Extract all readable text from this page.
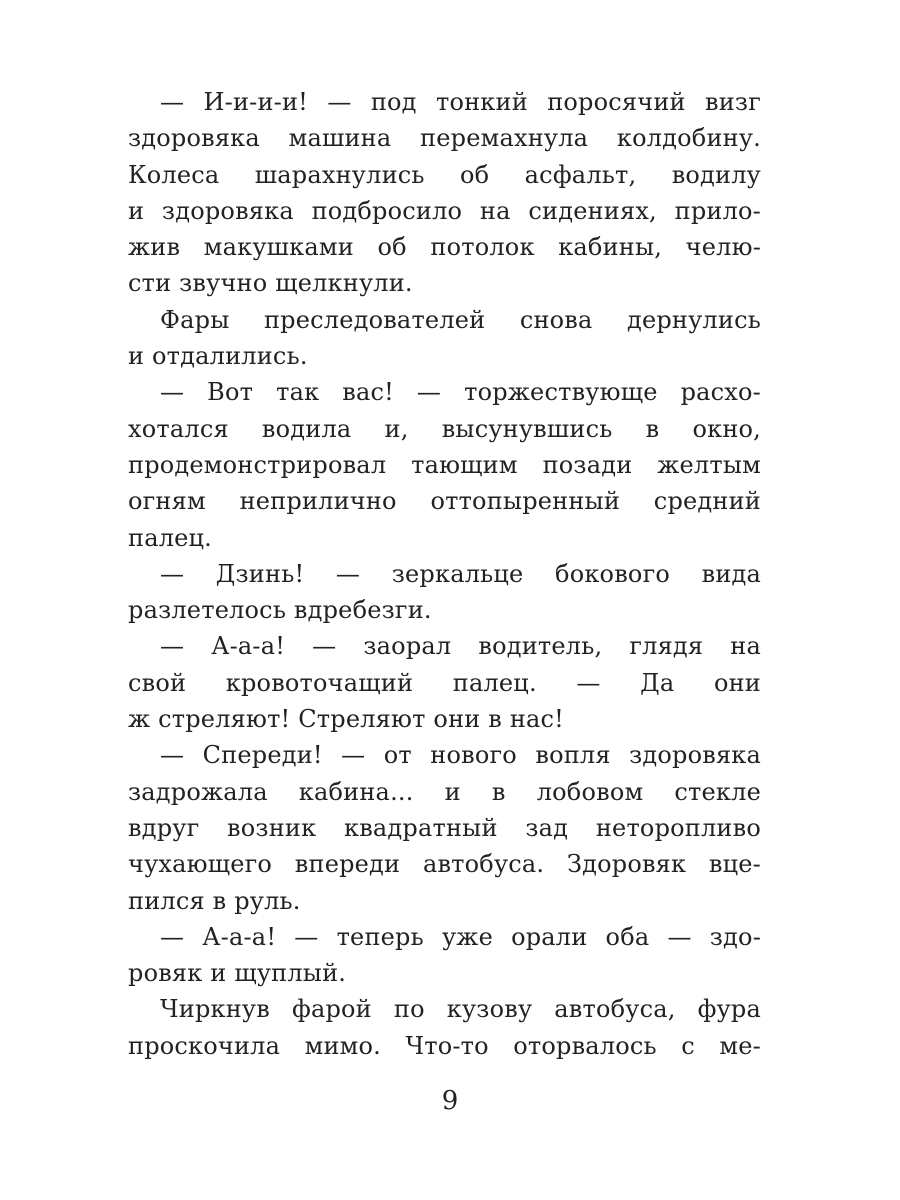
— И-и-и-и! — под тонкий поросячий визг
здоровяка машина перемахнула колдобину.
Колеса шарахнулись об асфальт, водилу
и здоровяка подбросило на сидениях, прило-
жив макушками об потолок кабины, челю-
сти звучно щелкнули.
Фары преследователей снова дернулись
и отдалились.
— Вот так вас! — торжествующе расхо-
хотался водила и, высунувшись в окно,
продемонстрировал тающим позади желтым
огням неприлично оттопыренный средний
палец.
— Дзинь! — зеркальце бокового вида
разлетелось вдребезги.
— А-а-а! — заорал водитель, глядя на
свой кровоточащий палец. — Да они
ж стреляют! Стреляют они в нас!
— Спереди! — от нового вопля здоровяка
задрожала кабина... и в лобовом стекле
вдруг возник квадратный зад неторопливо
чухающего впереди автобуса. Здоровяк вце-
пился в руль.
— А-а-а! — теперь уже орали оба — здо-
ровяк и щуплый.
Чиркнув фарой по кузову автобуса, фура
проскочила мимо. Что-то оторвалось с ме-
9
